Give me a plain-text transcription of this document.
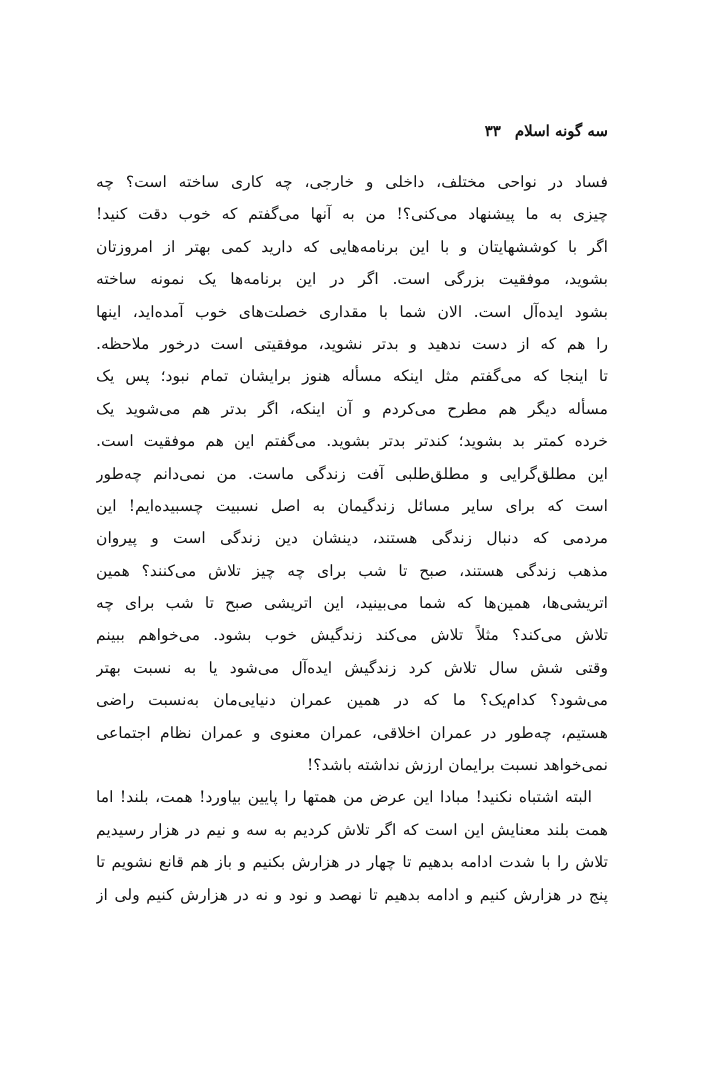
سه گونه اسلام۳۳
فساد در نواحی مختلف، داخلی و خارجی، چه کاری ساخته است؟ چه
چیزی به ما پیشنهاد می‌کنی؟! من به آنها می‌گفتم که خوب دقت کنید!
اگر با کوششهایتان و با این برنامه‌هایی که دارید کمی بهتر از امروزتان
بشوید، موفقیت بزرگی است. اگر در این برنامه‌ها یک نمونه ساخته
بشود ایده‌آل است. الان شما با مقداری خصلت‌های خوب آمده‌اید، اینها
را هم که از دست ندهید و بدتر نشوید، موفقیتی است درخور ملاحظه.
تا اینجا که می‌گفتم مثل اینکه مسأله هنوز برایشان تمام نبود؛ پس یک
مسأله دیگر هم مطرح می‌کردم و آن اینکه، اگر بدتر هم می‌شوید یک
خرده کمتر بد بشوید؛ کندتر بدتر بشوید. می‌گفتم این هم موفقیت است.
این مطلق‌گرایی و مطلق‌طلبی آفت زندگی ماست. من نمی‌دانم چه‌طور
است که برای سایر مسائل زندگیمان به اصل نسبیت چسبیده‌ایم! این
مردمی که دنبال زندگی هستند، دینشان دین زندگی است و پیروان
مذهب زندگی هستند، صبح تا شب برای چه چیز تلاش می‌کنند؟ همین
اتریشی‌ها، همین‌ها که شما می‌بینید، این اتریشی صبح تا شب برای چه
تلاش می‌کند؟ مثلاً تلاش می‌کند زندگیش خوب بشود. می‌خواهم ببینم
وقتی شش سال تلاش کرد زندگیش ایده‌آل می‌شود یا به نسبت بهتر
می‌شود؟ کدام‌یک؟ ما که در همین عمران دنیایی‌مان به‌نسبت راضی
هستیم، چه‌طور در عمران اخلاقی، عمران معنوی و عمران نظام اجتماعی
نمی‌خواهد نسبت برایمان ارزش نداشته باشد؟!
البته اشتباه نکنید! مبادا این عرض من همتها را پایین بیاورد! همت، بلند! اما
همت بلند معنایش این است که اگر تلاش کردیم به سه و نیم در هزار رسیدیم
تلاش را با شدت ادامه بدهیم تا چهار در هزارش بکنیم و باز هم قانع نشویم تا
پنج در هزارش کنیم و ادامه بدهیم تا نهصد و نود و نه در هزارش کنیم ولی از
